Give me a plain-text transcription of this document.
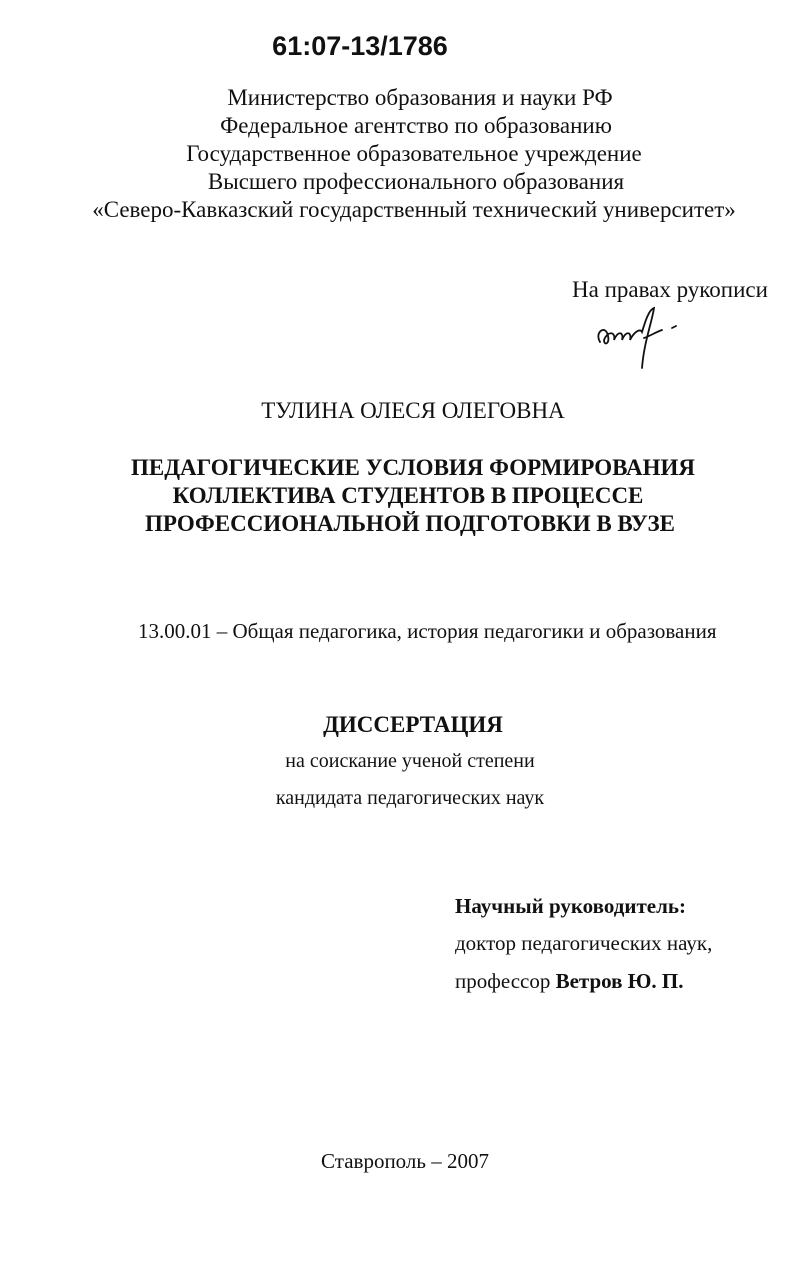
61:07-13/1786
Министерство образования и науки РФ
Федеральное агентство по образованию
Государственное образовательное учреждение
Высшего профессионального образования
«Северо-Кавказский государственный технический университет»
На правах рукописи
ТУЛИНА ОЛЕСЯ ОЛЕГОВНА
ПЕДАГОГИЧЕСКИЕ УСЛОВИЯ ФОРМИРОВАНИЯ
КОЛЛЕКТИВА СТУДЕНТОВ В ПРОЦЕССЕ
ПРОФЕССИОНАЛЬНОЙ ПОДГОТОВКИ В ВУЗЕ
13.00.01 – Общая педагогика, история педагогики и образования
ДИССЕРТАЦИЯ
на соискание ученой степени
кандидата педагогических наук
Научный руководитель:
доктор педагогических наук,
профессор Ветров Ю. П.
Ставрополь – 2007
